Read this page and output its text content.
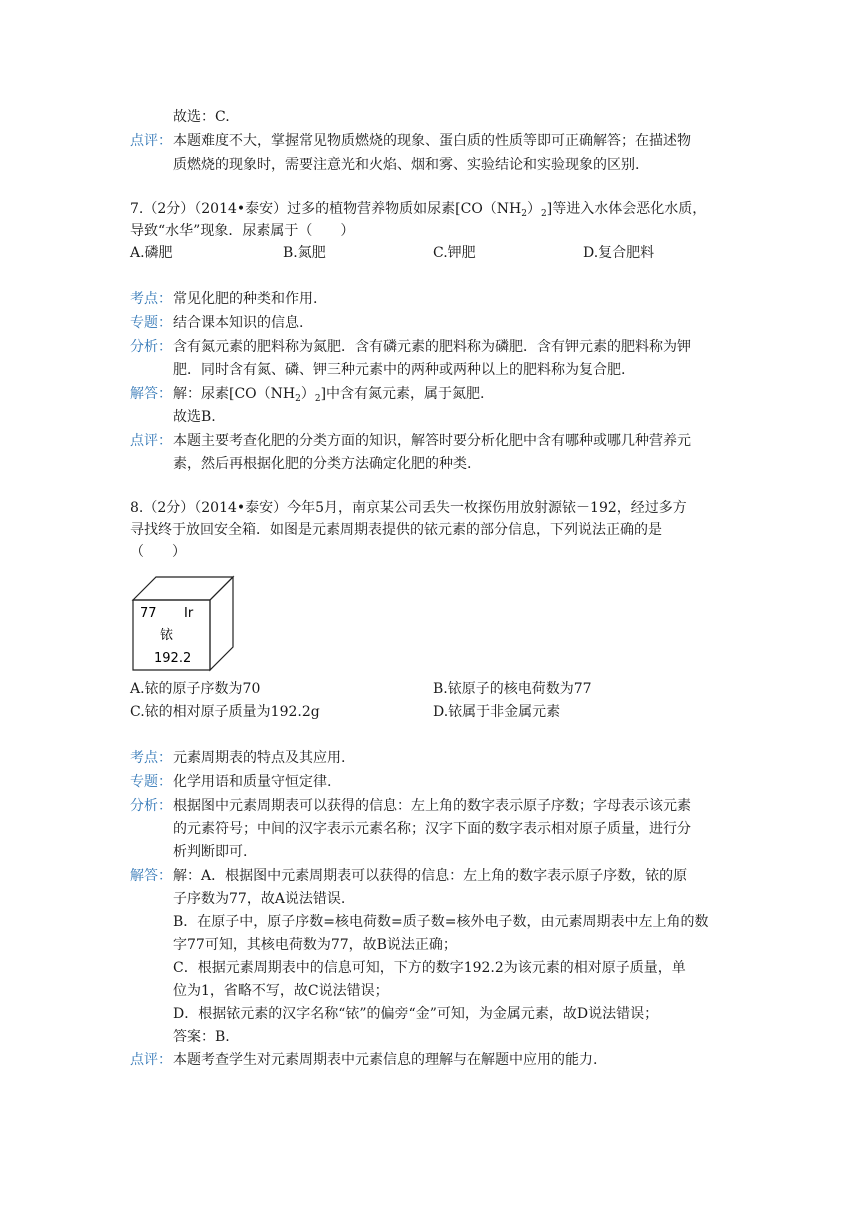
故选：C.
点评： 本题难度不大，掌握常见物质燃烧的现象、蛋白质的性质等即可正确解答；在描述物
质燃烧的现象时，需要注意光和火焰、烟和雾、实验结论和实验现象的区别.
7.（2分）（2014•泰安）过多的植物营养物质如尿素$[CO(NH_2)_2]$等进入水体会恶化水质，
导致“水华”现象．尿素属于（　　）
A.磷肥	B.氮肥	C.钾肥	D.复合肥料
考点： 常见化肥的种类和作用.
专题： 结合课本知识的信息.
分析： 含有氮元素的肥料称为氮肥．含有磷元素的肥料称为磷肥．含有钾元素的肥料称为钾
肥．同时含有氮、磷、钾三种元素中的两种或两种以上的肥料称为复合肥.
解答： 解：尿素$[CO(NH_2)_2]$中含有氮元素，属于氮肥.
故选B.
点评： 本题主要考查化肥的分类方面的知识，解答时要分析化肥中含有哪种或哪几种营养元
素，然后再根据化肥的分类方法确定化肥的种类.
8.（2分）（2014•泰安）今年5月，南京某公司丢失一枚探伤用放射源铱－192，经过多方
寻找终于放回安全箱．如图是元素周期表提供的铱元素的部分信息，下列说法正确的是
（　　）
77 Ir
铱
192.2
A.铱的原子序数为70	B.铱原子的核电荷数为77
C.铱的相对原子质量为192.2g	D.铱属于非金属元素
考点： 元素周期表的特点及其应用.
专题： 化学用语和质量守恒定律.
分析： 根据图中元素周期表可以获得的信息：左上角的数字表示原子序数；字母表示该元素
的元素符号；中间的汉字表示元素名称；汉字下面的数字表示相对原子质量，进行分
析判断即可.
解答： 解：A．根据图中元素周期表可以获得的信息：左上角的数字表示原子序数，铱的原
子序数为77，故A说法错误.
B．在原子中，原子序数=核电荷数=质子数=核外电子数，由元素周期表中左上角的数
字77可知，其核电荷数为77，故B说法正确；
C．根据元素周期表中的信息可知，下方的数字192.2为该元素的相对原子质量，单
位为1，省略不写，故C说法错误；
D．根据铱元素的汉字名称“铱”的偏旁“金”可知，为金属元素，故D说法错误；
答案：B.
点评： 本题考查学生对元素周期表中元素信息的理解与在解题中应用的能力.
